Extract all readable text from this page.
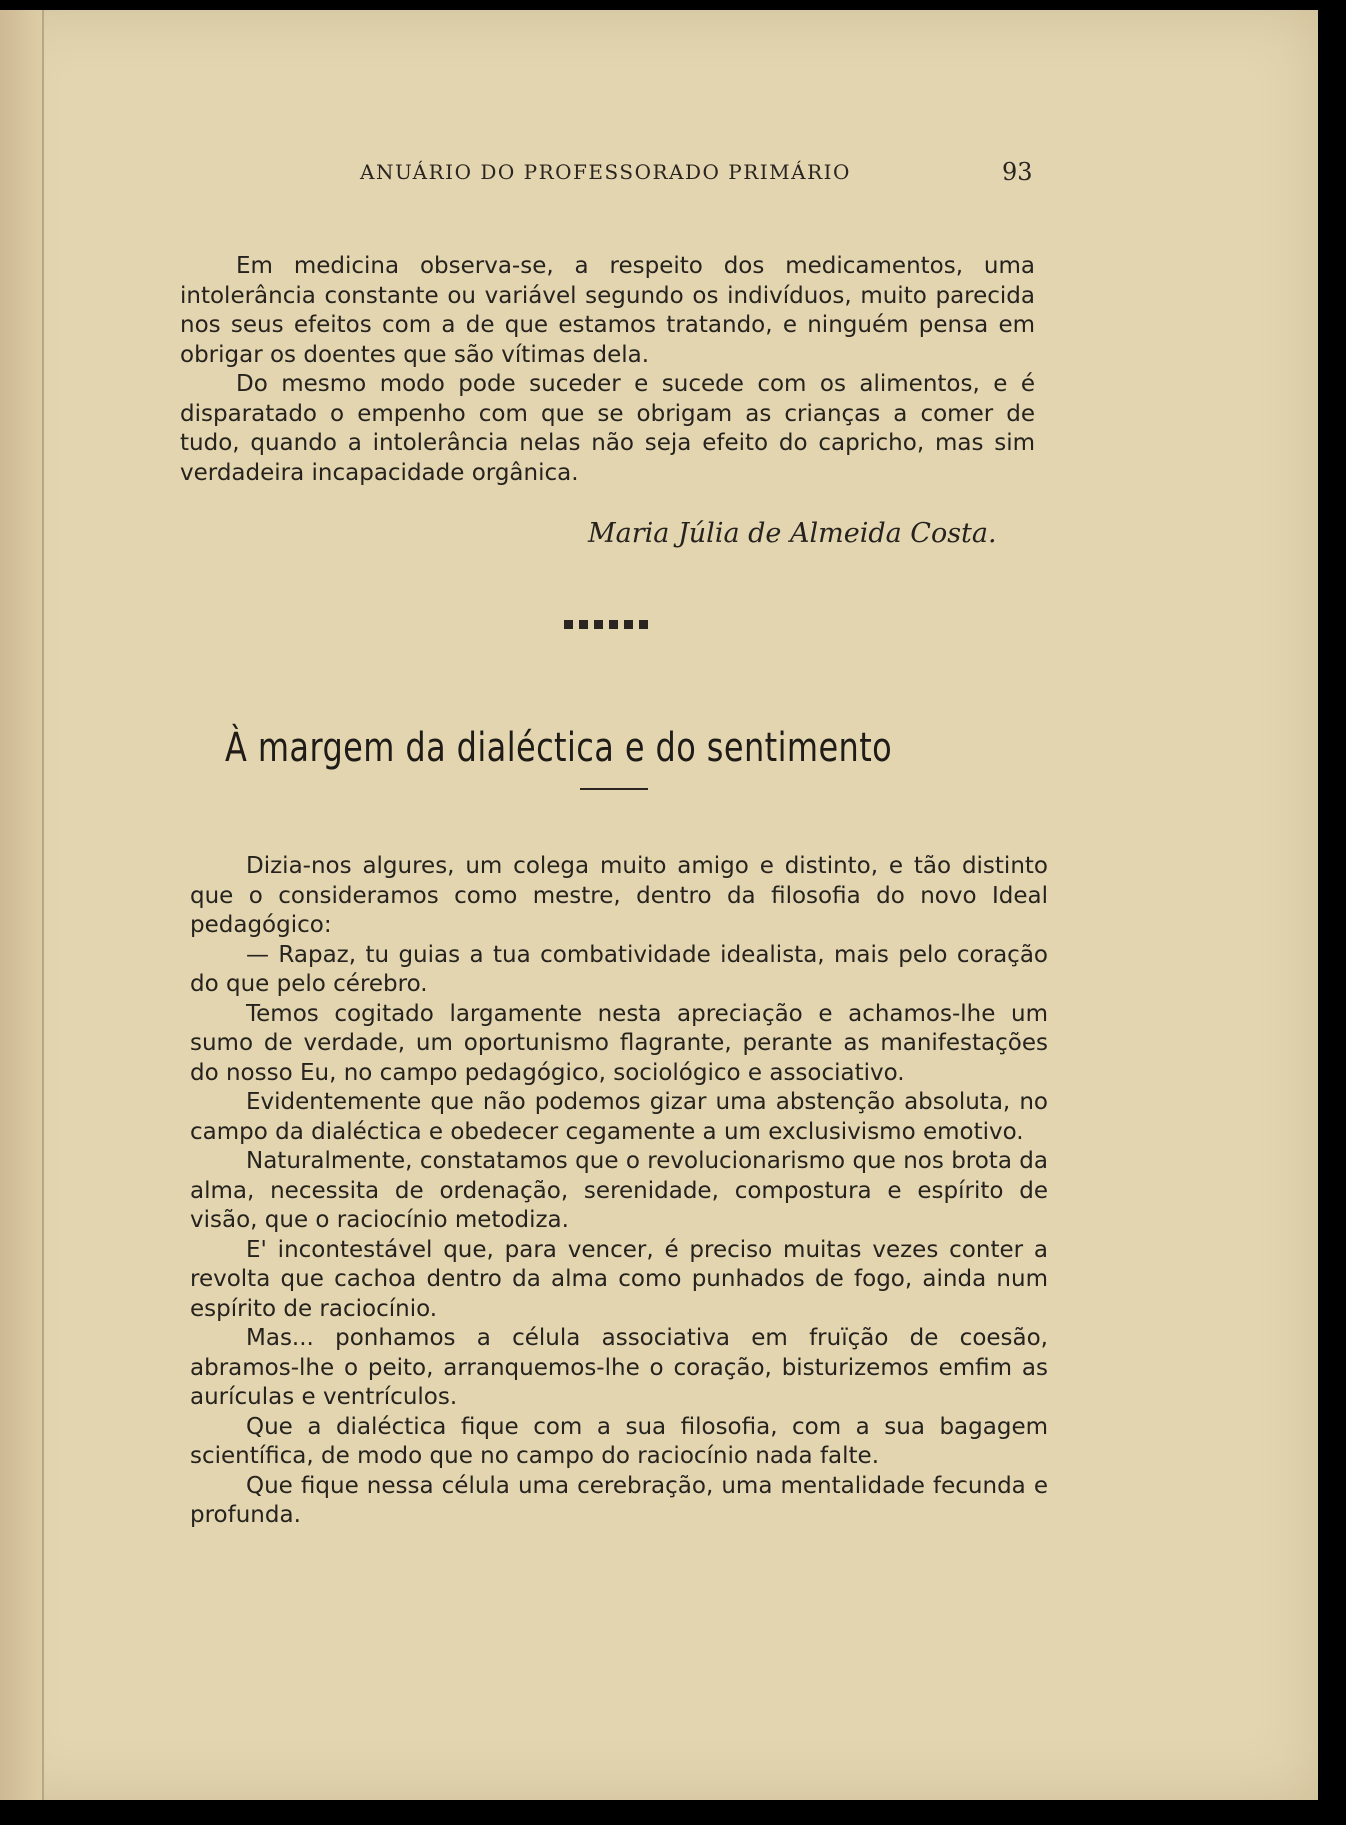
ANUÁRIO DO PROFESSORADO PRIMÁRIO	93

Em medicina observa-se, a respeito dos medicamentos, uma intolerância constante ou variável segundo os indivíduos, muito parecida nos seus efeitos com a de que estamos tratando, e ninguém pensa em obrigar os doentes que são vítimas dela.

Do mesmo modo pode suceder e sucede com os alimentos, e é disparatado o empenho com que se obrigam as crianças a comer de tudo, quando a intolerância nelas não seja efeito do capricho, mas sim verdadeira incapacidade orgânica.

Maria Júlia de Almeida Costa.
À margem da dialéctica e do sentimento

Dizia-nos algures, um colega muito amigo e distinto, e tão distinto que o consideramos como mestre, dentro da filosofia do novo Ideal pedagógico:

— Rapaz, tu guias a tua combatividade idealista, mais pelo coração do que pelo cérebro.

Temos cogitado largamente nesta apreciação e achamos-lhe um sumo de verdade, um oportunismo flagrante, perante as manifestações do nosso Eu, no campo pedagógico, sociológico e associativo.

Evidentemente que não podemos gizar uma abstenção absoluta, no campo da dialéctica e obedecer cegamente a um exclusivismo emotivo.

Naturalmente, constatamos que o revolucionarismo que nos brota da alma, necessita de ordenação, serenidade, compostura e espírito de visão, que o raciocínio metodiza.

E' incontestável que, para vencer, é preciso muitas vezes conter a revolta que cachoa dentro da alma como punhados de fogo, ainda num espírito de raciocínio.

Mas... ponhamos a célula associativa em fruïção de coesão, abramos-lhe o peito, arranquemos-lhe o coração, bisturizemos emfim as aurículas e ventrículos.

Que a dialéctica fique com a sua filosofia, com a sua bagagem scientífica, de modo que no campo do raciocínio nada falte.

Que fique nessa célula uma cerebração, uma mentalidade fecunda e profunda.
